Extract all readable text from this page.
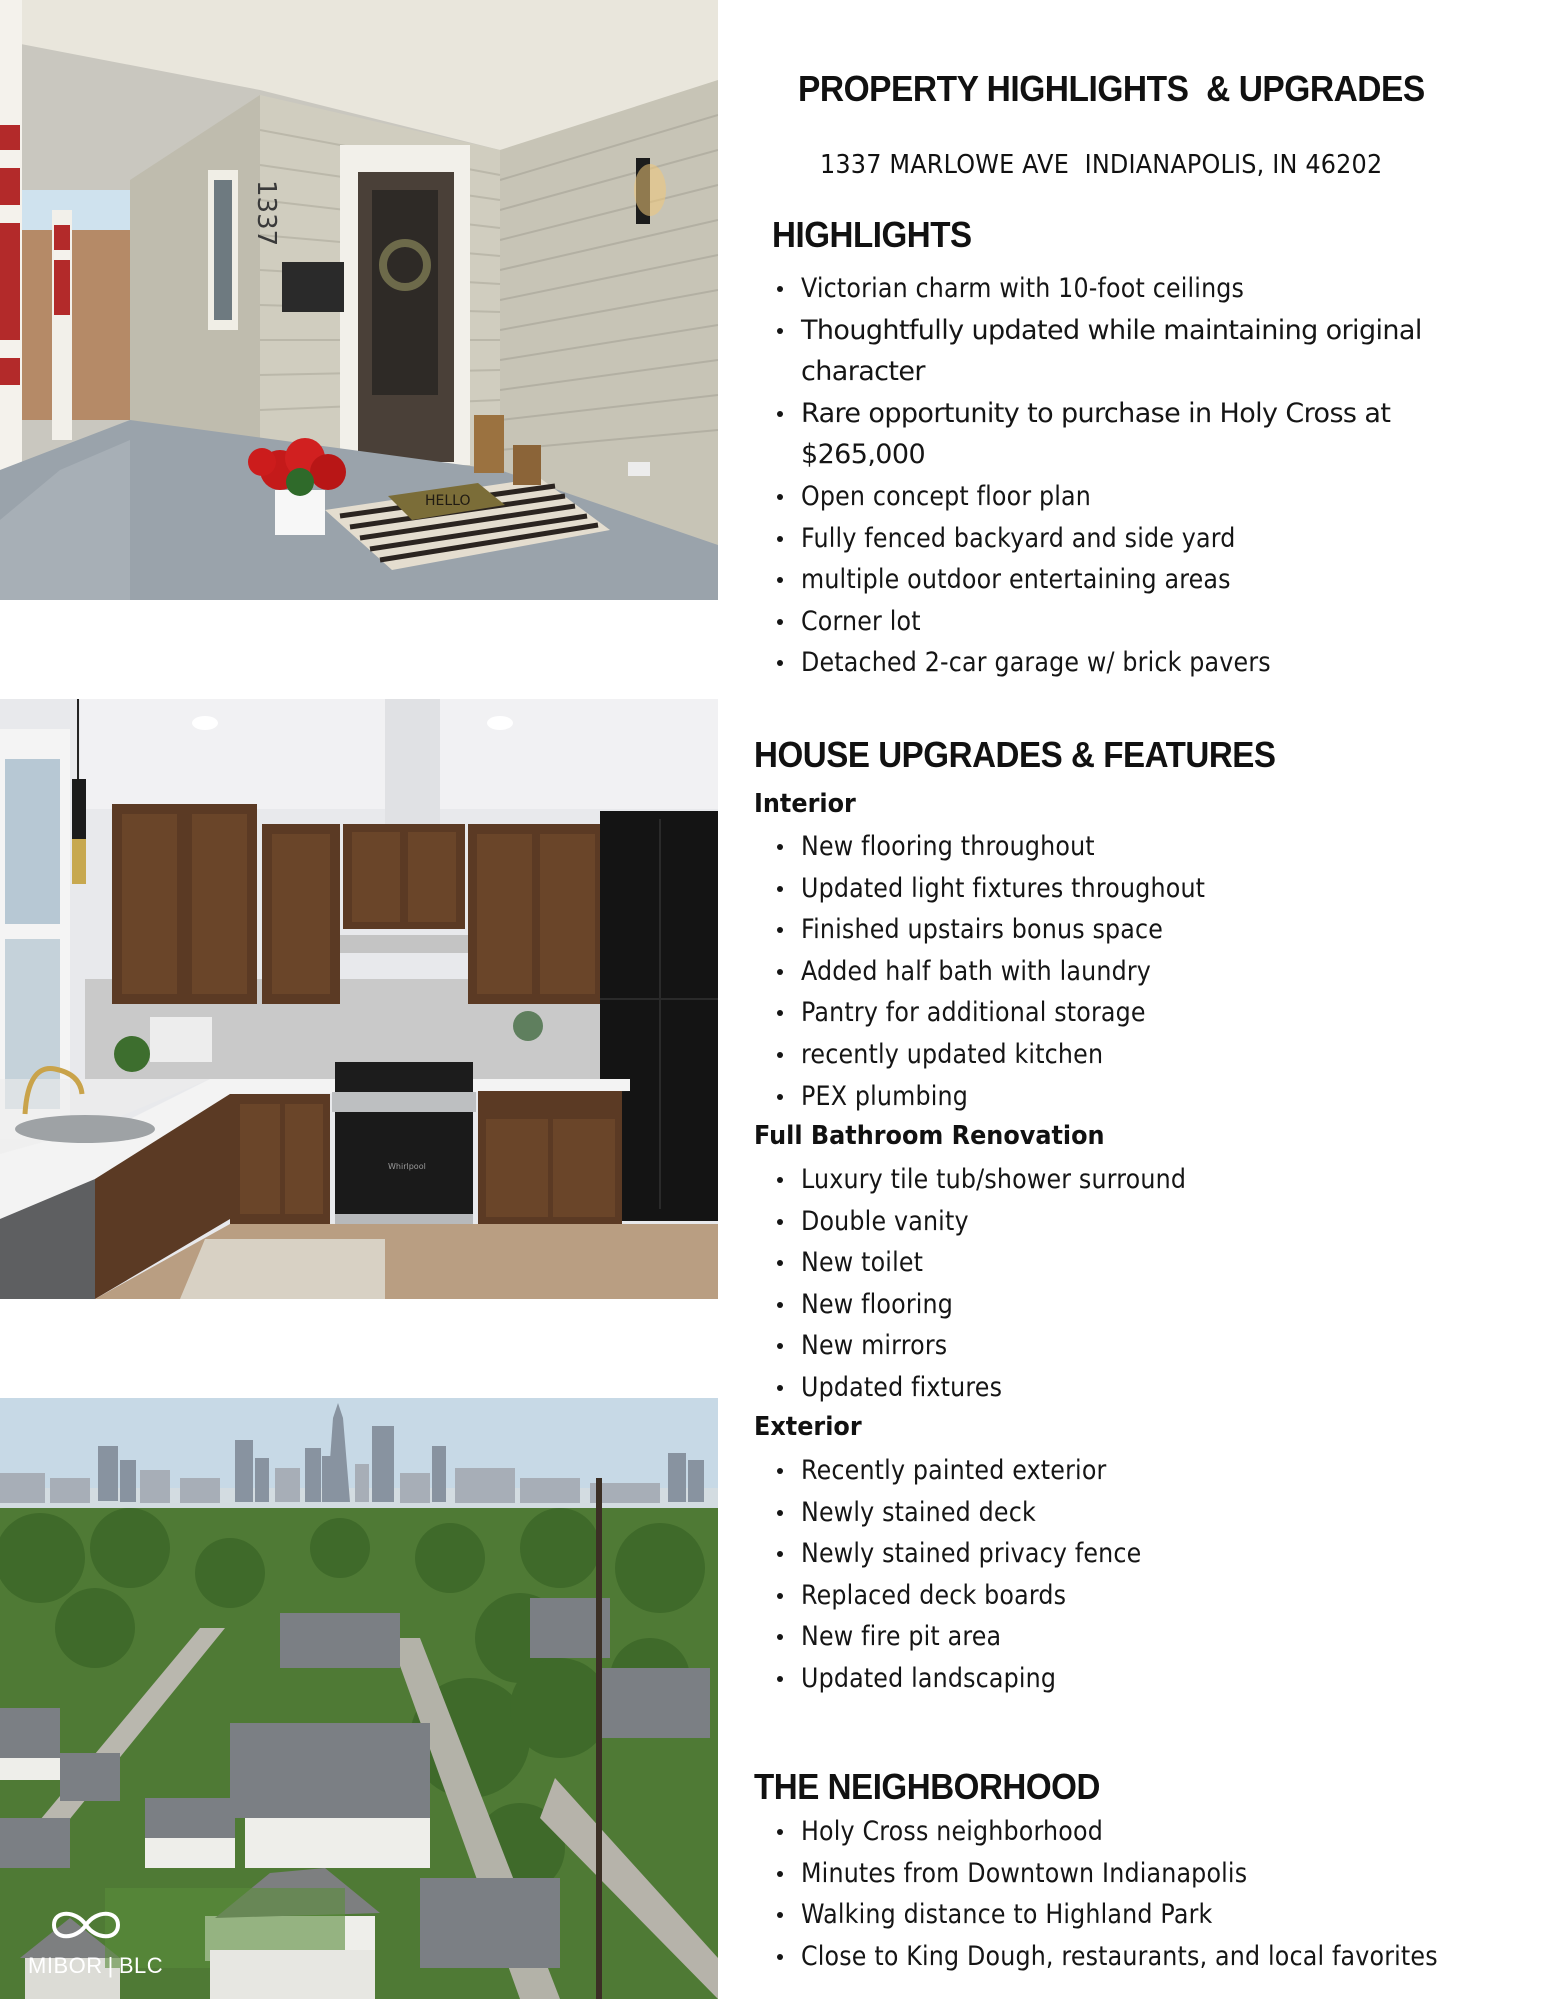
1337
HELLO
Whirlpool
MIBOR | BLC
PROPERTY HIGHLIGHTS  & UPGRADES

1337 MARLOWE AVE  INDIANAPOLIS, IN 46202

HIGHLIGHTS
Victorian charm with 10-foot ceilings
Thoughtfully updated while maintaining original character
Rare opportunity to purchase in Holy Cross at $265,000
Open concept floor plan
Fully fenced backyard and side yard
multiple outdoor entertaining areas
Corner lot
Detached 2-car garage w/ brick pavers
HOUSE UPGRADES & FEATURES
Interior
New flooring throughout
Updated light fixtures throughout
Finished upstairs bonus space
Added half bath with laundry
Pantry for additional storage
recently updated kitchen
PEX plumbing
Full Bathroom Renovation
Luxury tile tub/shower surround
Double vanity
New toilet
New flooring
New mirrors
Updated fixtures
Exterior
Recently painted exterior
Newly stained deck
Newly stained privacy fence
Replaced deck boards
New fire pit area
Updated landscaping
THE NEIGHBORHOOD
Holy Cross neighborhood
Minutes from Downtown Indianapolis
Walking distance to Highland Park
Close to King Dough, restaurants, and local favorites
